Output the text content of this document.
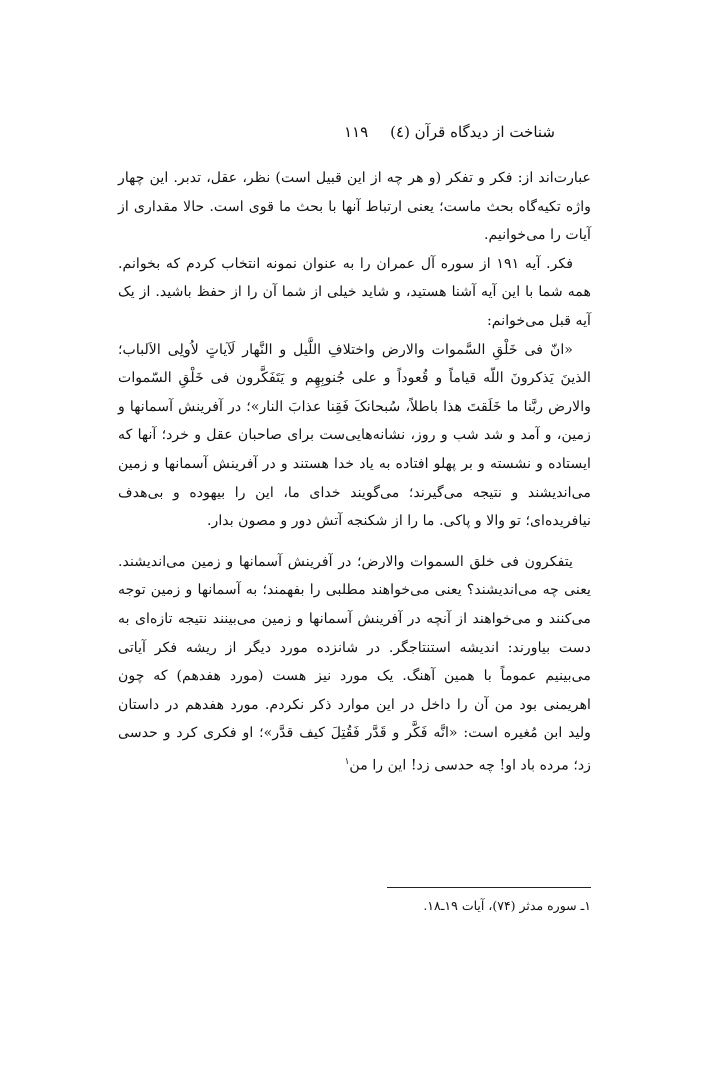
شناخت از دیدگاه قرآن (٤)
۱۱۹

عبارت‌اند از: فکر و تفکر (و هر چه از این قبیل است) نظر، عقل، تدبر. این چهار واژه تکیه‌گاه بحث ماست؛ یعنی ارتباط آنها با بحث ما قوی است. حالا مقداری از آیات را می‌خوانیم.

فکر. آیه ۱۹۱ از سوره آل عمران را به عنوان نمونه انتخاب کردم که بخوانم. همه شما با این آیه آشنا هستید، و شاید خیلی از شما آن را از حفظ باشید. از یک آیه قبل می‌خوانم:

«انّ فی خَلْقِ السَّموات والارض واختلافِ اللَّیل و النَّهار لَآیاتٍ لاُولِی الاَلباب؛ الذینَ یَذکرونَ اللّه قیاماً و قُعوداً و علی جُنوبِهِم و یَتَفَکَّرون فی خَلْقِ السّموات والارض ربَّنا ما خَلَقتَ هذا باطلاً، سُبحانکَ فَقِنا عذابَ النار»؛ در آفرینش آسمانها و زمین، و آمد و شد شب و روز، نشانه‌هایی‌ست برای صاحبان عقل و خرد؛ آنها که ایستاده و نشسته و بر پهلو افتاده به یاد خدا هستند و در آفرینش آسمانها و زمین می‌اندیشند و نتیجه می‌گیرند؛ می‌گویند خدای ما، این را بیهوده و بی‌هدف نیافریده‌ای؛ تو والا و پاکی. ما را از شکنجه آتش دور و مصون بدار.

یتفکرون فی خلق السموات والارض؛ در آفرینش آسمانها و زمین می‌اندیشند. یعنی چه می‌اندیشند؟ یعنی می‌خواهند مطلبی را بفهمند؛ به آسمانها و زمین توجه می‌کنند و می‌خواهند از آنچه در آفرینش آسمانها و زمین می‌بینند نتیجه تازه‌ای به دست بیاورند: اندیشه استنتاجگر. در شانزده مورد دیگر از ریشه فکر آیاتی می‌بینیم عموماً با همین آهنگ. یک مورد نیز هست (مورد هفدهم) که چون اهریمنی بود من آن را داخل در این موارد ذکر نکردم. مورد هفدهم در داستان ولید ابن مُغیره است: «انَّه فَکَّر و قَدَّر فَقُتِلَ کیف قدَّر»؛ او فکری کرد و حدسی زد؛ مرده باد او! چه حدسی زد! این را من$^١$

١ـ سوره مدثر (۷۴)، آیات ۱۹ـ۱۸.
